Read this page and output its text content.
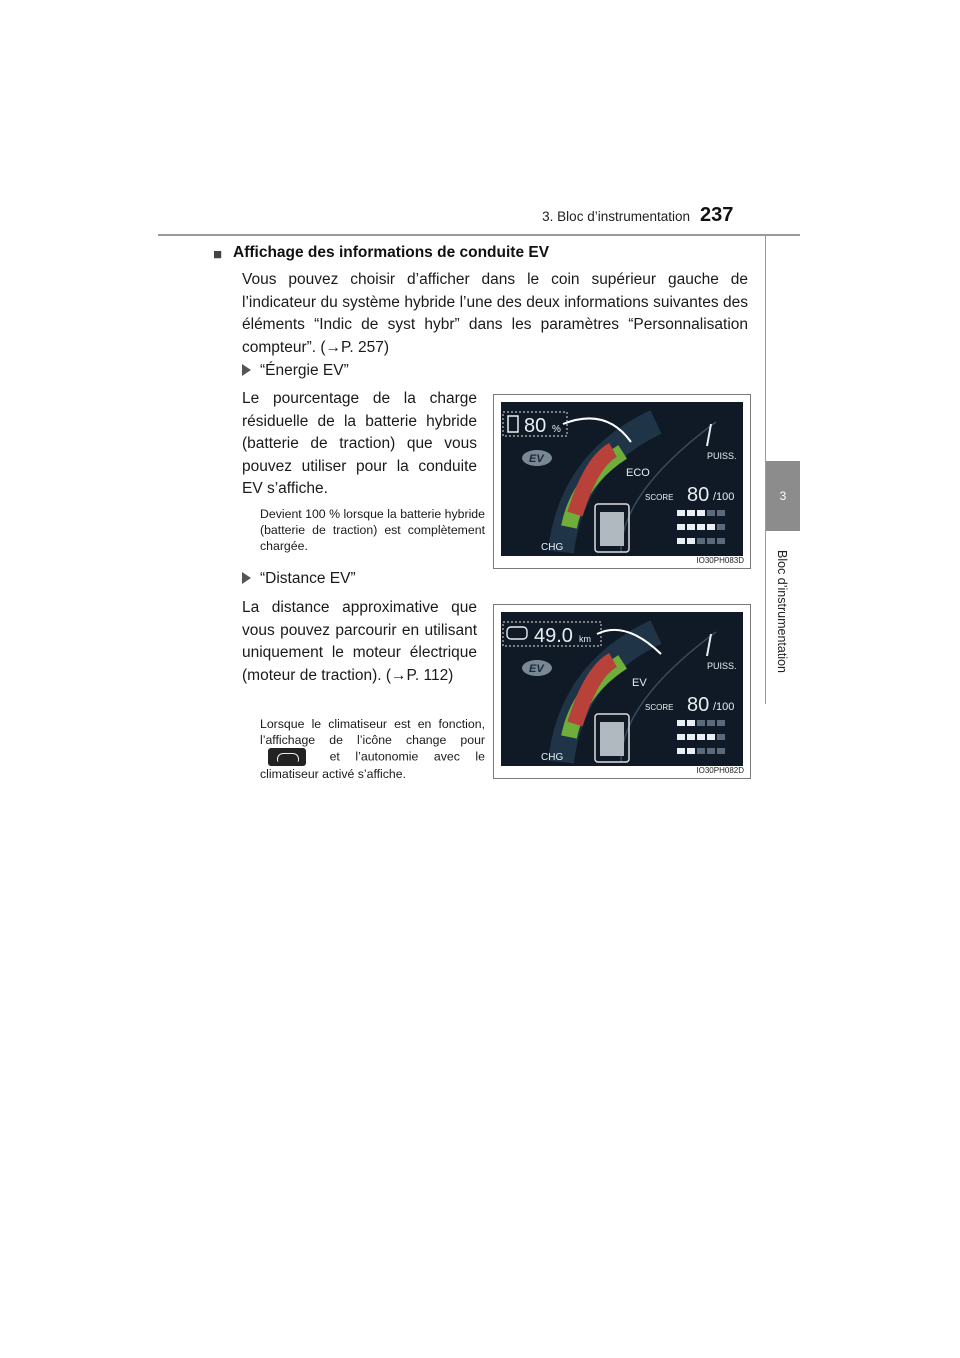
3. Bloc d’instrumentation 237
3
Bloc d’instrumentation
■ Affichage des informations de conduite EV
Vous pouvez choisir d’afficher dans le coin supérieur gauche de l’indicateur du système hybride l’une des deux informations suivantes des éléments “Indic de syst hybr” dans les paramètres “Personnalisation compteur”. (→P. 257)
“Énergie EV”
Le pourcentage de la charge résiduelle de la batterie hybride (batterie de traction) que vous pouvez utiliser pour la conduite EV s’affiche.
Devient 100 % lorsque la batterie hybride (batterie de traction) est complètement chargée.
“Distance EV”
La distance approximative que vous pouvez parcourir en utilisant uniquement le moteur électrique (moteur de traction). (→P. 112)
Lorsque le climatiseur est en fonction, l’affichage de l’icône change pour  et l’autonomie avec le climatiseur activé s’affiche.
80 %
EV
ECO
PUISS.
SCORE 80 /100
CHG
IO30PH083D
49.0 km
EV
EV
PUISS.
SCORE 80 /100
CHG
IO30PH082D
